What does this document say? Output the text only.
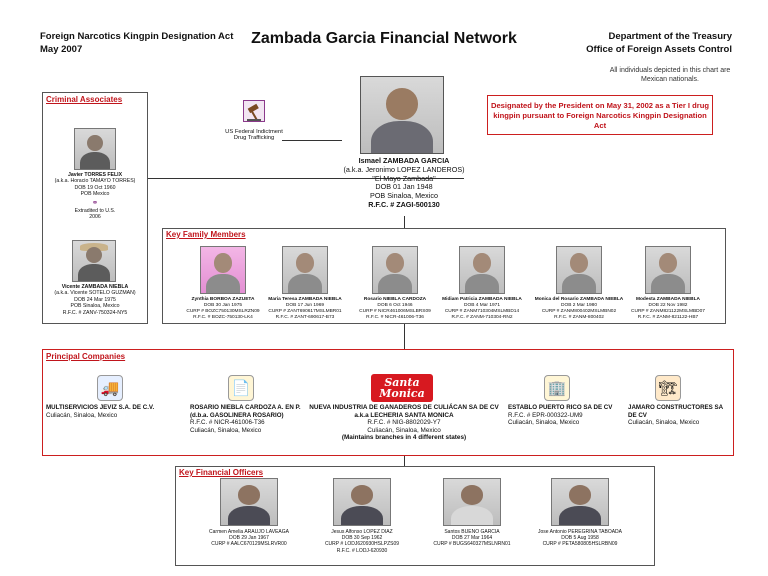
Foreign Narcotics Kingpin Designation Act
May 2007
Zambada Garcia Financial Network	Department of the Treasury
Office of Foreign Assets Control
All individuals depicted in this chart are Mexican nationals.
Criminal Associates
Javier TORRES FELIX
(a.k.a. Horacio TAMAYO TORRES)
DOB 19 Oct 1960
POB Mexico
⚭
Extradited to U.S.
2006
Vicente ZAMBADA NIEBLA
(a.k.a. Vicente SOTELO GUZMAN)
DOB 24 Mar 1975
POB Sinaloa, Mexico
R.F.C. # ZANV-750324-NY5
US Federal Indictment
Drug Trafficking
Ismael ZAMBADA GARCIA
(a.k.a. Jeronimo LOPEZ LANDEROS)
"El Mayo Zambada"
DOB 01 Jan 1948
POB Sinaloa, Mexico
R.F.C. # ZAGI-500130
Designated by the President on May 31, 2002 as a Tier I drug kingpin pursuant to Foreign Narcotics Kingpin Designation Act
Key Family Members
Zynthia BORBOA ZAZUETA
DOB 30 Jan 1975
CURP # BOZC750130MSLRZN09
R.F.C. # BOZC-750130-LK4
Maria Teresa ZAMBADA NIEBLA
DOB 17 Jun 1969
CURP # ZANT690617MSLMBR01
R.F.C. # ZANT-690617-B73
Rosario NIEBLA CARDOZA
DOB 6 Oct 1946
CURP # NICR461006MSLBRS09
R.F.C. # NICR-461006-T36
Midiam Patricia ZAMBADA NIEBLA
DOB 4 Mar 1971
CURP # ZANM710304MSLMBD14
R.F.C. # ZANM-710304-RN2
Monica del Rosario ZAMBADA NIEBLA
DOB 2 Mar 1980
CURP # ZANM800402MSLMBN02
R.F.C. # ZANM-800402
Modesta ZAMBADA NIEBLA
DOB 22 Nov 1982
CURP # ZANM821122MSLMBD07
R.F.C. # ZANM-821122-HB7
Principal Companies
🚚
MULTISERVICIOS JEVIZ S.A. DE C.V.
Culiacán, Sinaloa, Mexico
📄
ROSARIO NIEBLA CARDOZA A. EN P.
(d.b.a. GASOLINERA ROSARIO)
R.F.C. # NICR-461006-T36
Culiacán, Sinaloa, Mexico
Santa
Monica
NUEVA INDUSTRIA DE GANADEROS DE CULIÁCAN SA DE CV
a.k.a LECHERIA SANTA MONICA
R.F.C. # NIG-8802029-Y7
Culiacán, Sinaloa, Mexico
(Maintains branches in 4 different states)
🏢
ESTABLO PUERTO RICO SA DE CV
R.F.C. # EPR-000322-UM9
Culiacán, Sinaloa, Mexico
🏗
JAMARO CONSTRUCTORES SA DE CV
Culiacán, Sinaloa, Mexico
Key Financial Officers
Carmen Amelia ARAUJO LAVEAGA
DOB 29 Jan 1967
CURP # AALC670129MSLRVR00
Jesus Alfonso LOPEZ DIAZ
DOB 30 Sep 1962
CURP # LODJ620930HSLPZS09
R.F.C. # LODJ-620930
Santos BUENO GARCIA
DOB 27 Mar 1964
CURP # BUGS640327MSLNRN01
Jose Antonio PEREGRINA TABOADA
DOB 5 Aug 1958
CURP # PETA580805HSLRBN09
